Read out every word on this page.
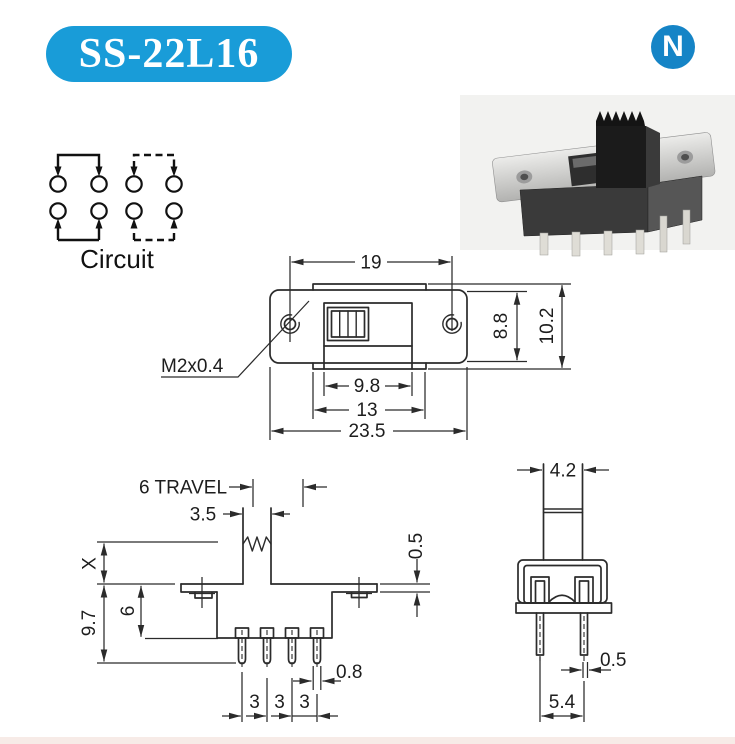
SS-22L16	N
Circuit	19
8.8 10.2
M2x0.4
9.8
13
23.5
6 TRAVEL
3.5
X
9.7 6
0.5
0.8
3 3 3
4.2
0.5
5.4
